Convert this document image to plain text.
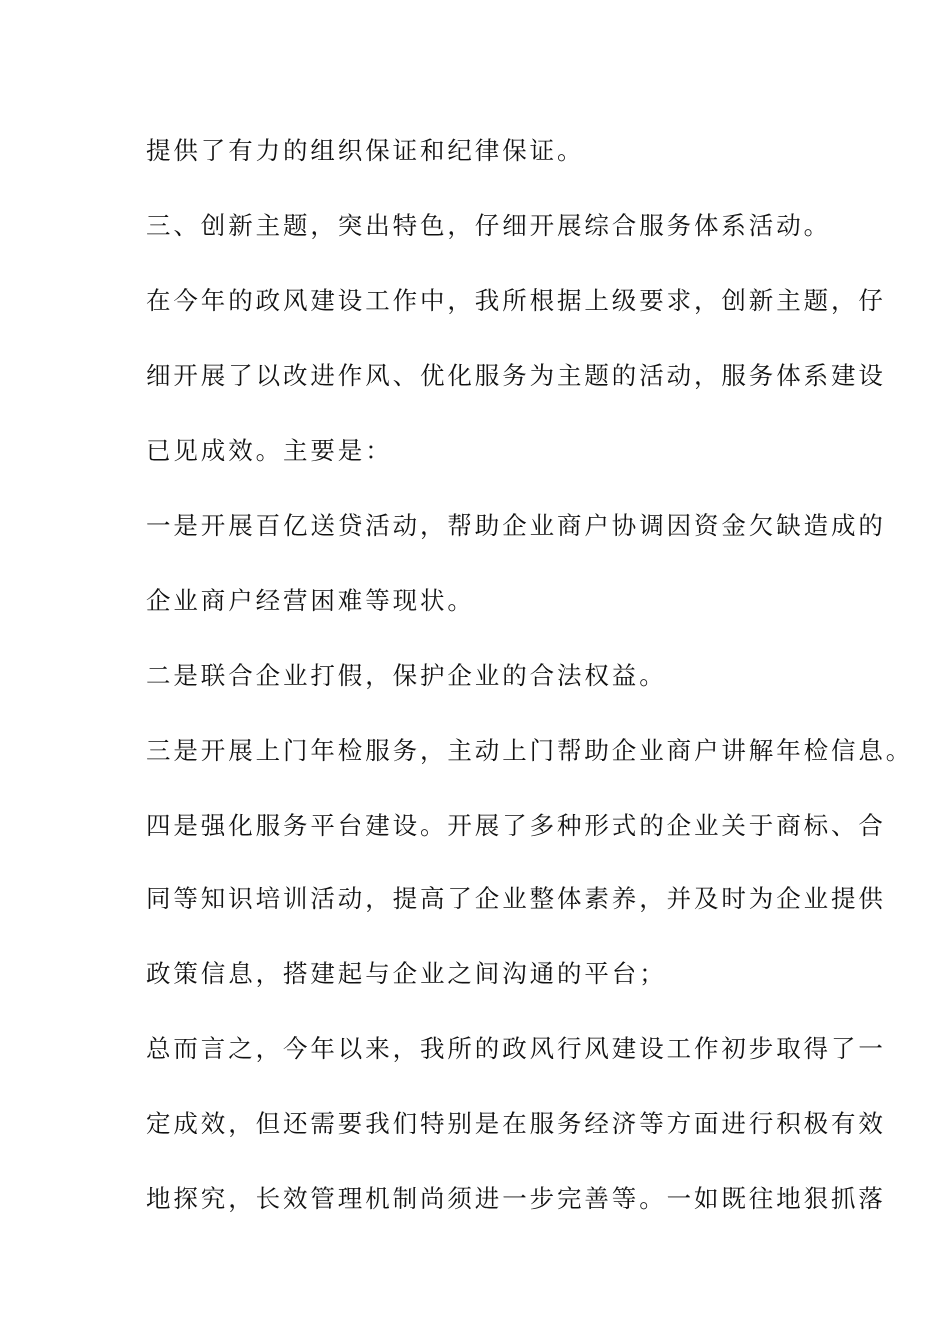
提供了有力的组织保证和纪律保证。
三、创新主题，突出特色，仔细开展综合服务体系活动。
在今年的政风建设工作中，我所根据上级要求，创新主题，仔
细开展了以改进作风、优化服务为主题的活动，服务体系建设
已见成效。主要是：
一是开展百亿送贷活动，帮助企业商户协调因资金欠缺造成的
企业商户经营困难等现状。
二是联合企业打假，保护企业的合法权益。
三是开展上门年检服务，主动上门帮助企业商户讲解年检信息。
四是强化服务平台建设。开展了多种形式的企业关于商标、合
同等知识培训活动，提高了企业整体素养，并及时为企业提供
政策信息，搭建起与企业之间沟通的平台；
总而言之，今年以来，我所的政风行风建设工作初步取得了一
定成效，但还需要我们特别是在服务经济等方面进行积极有效
地探究，长效管理机制尚须进一步完善等。一如既往地狠抓落
